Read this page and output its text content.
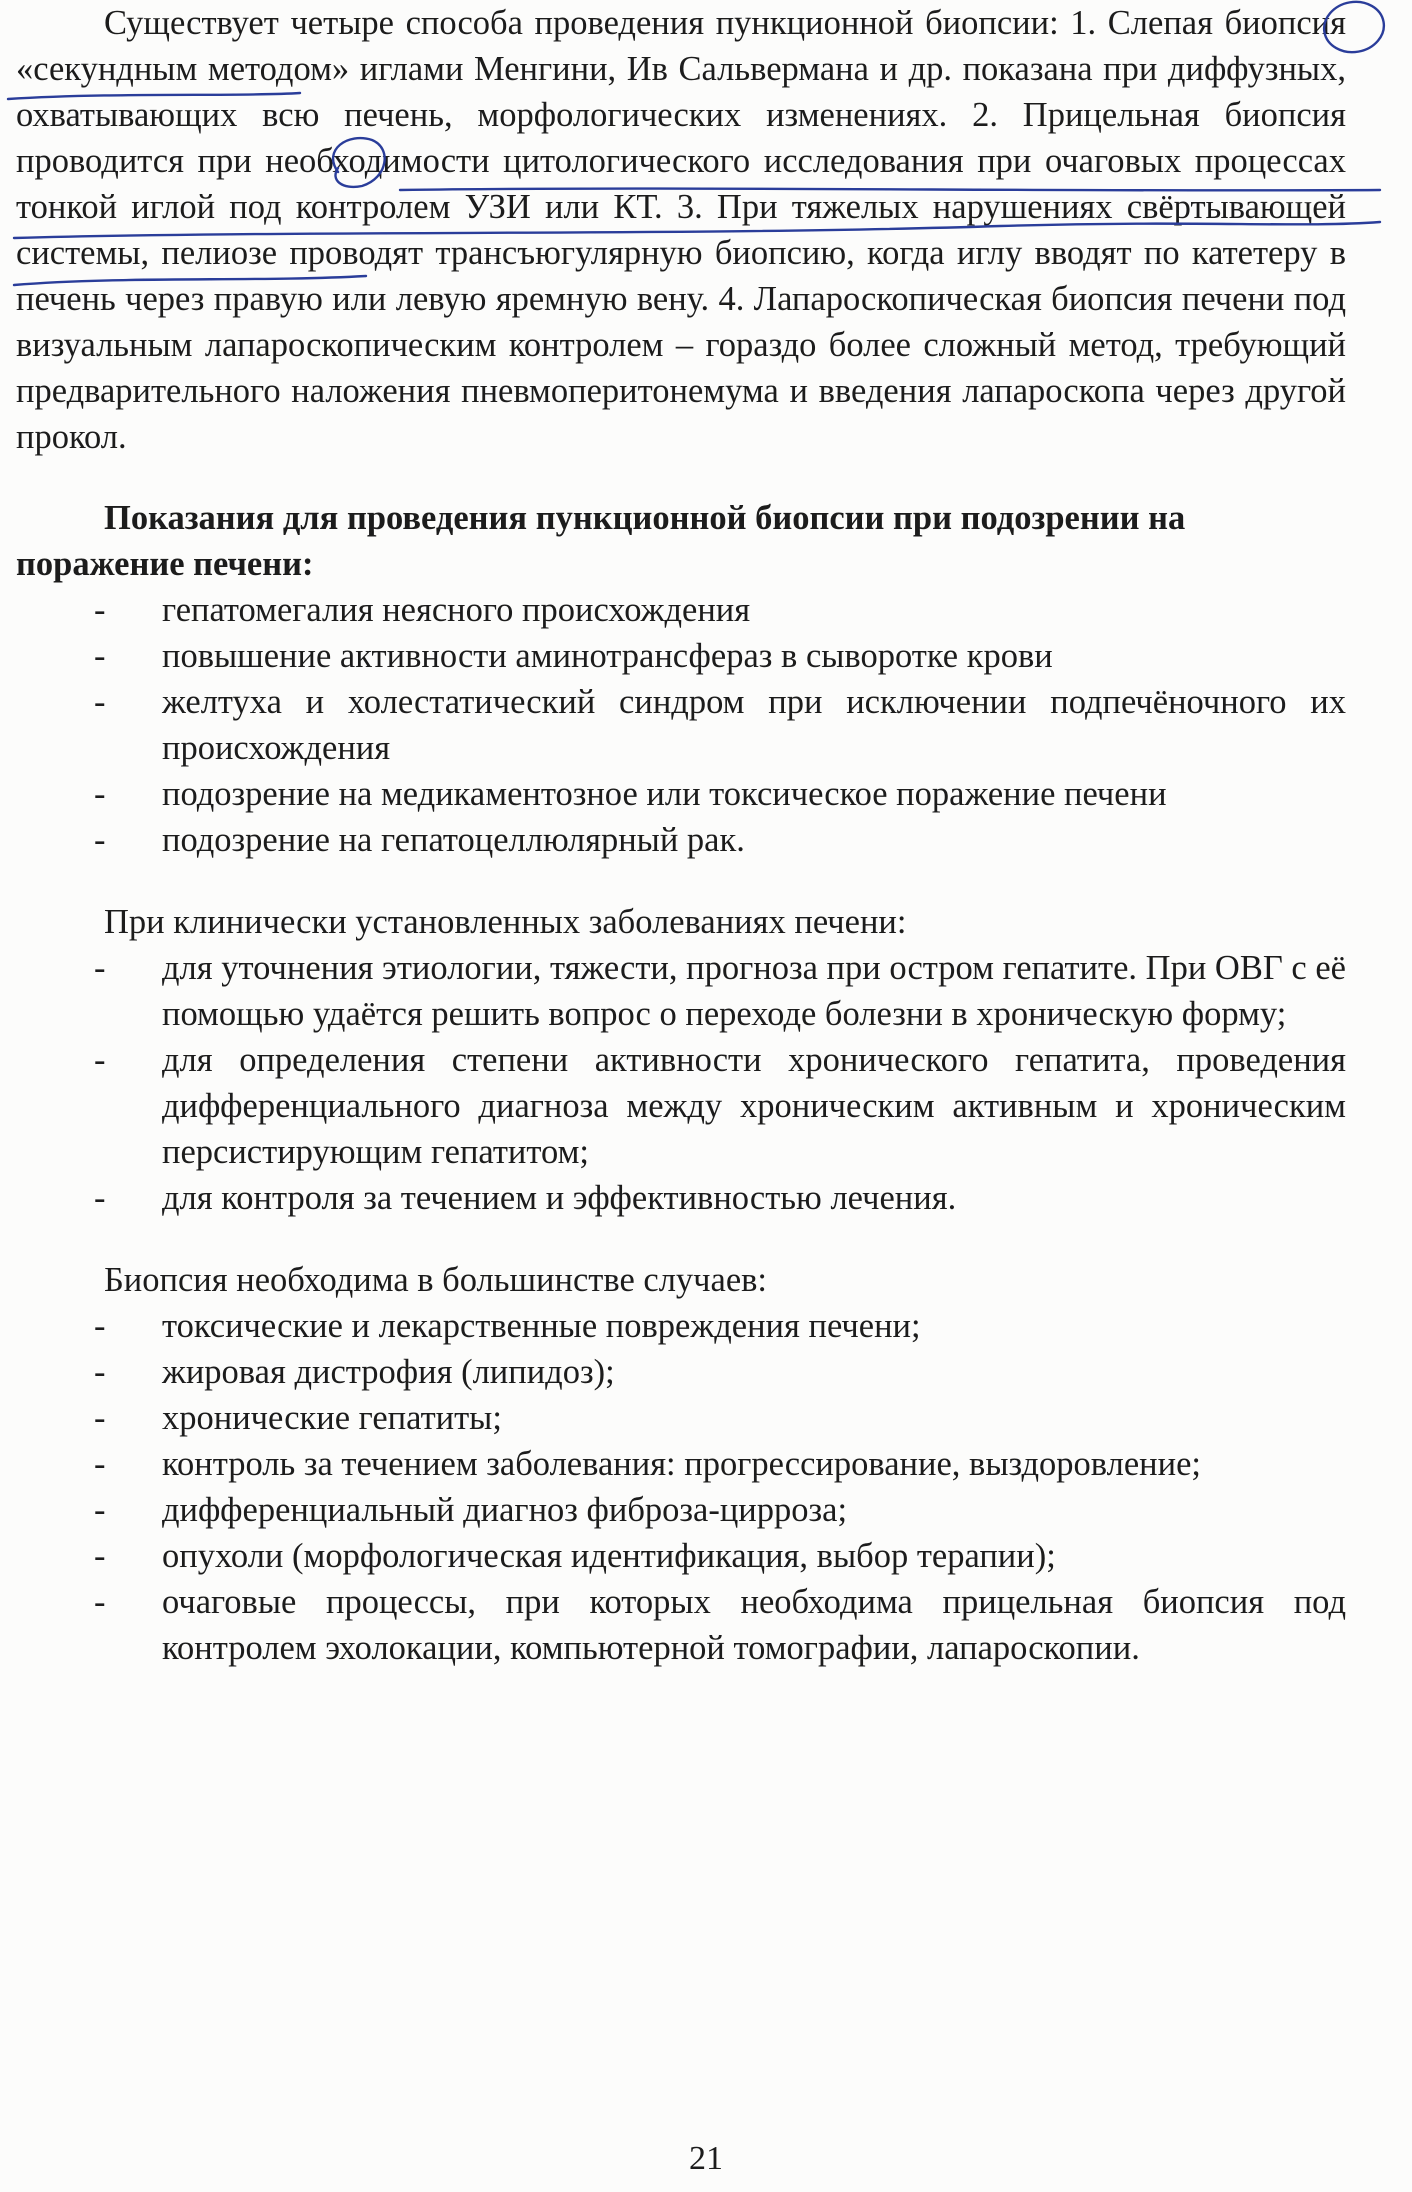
Существует четыре способа проведения пункционной биопсии: 1. Слепая биопсия «секундным методом» иглами Менгини, Ив Сальвермана и др. показана при диффузных, охватывающих всю печень, морфологических изменениях. 2. Прицельная биопсия проводится при необходимости цитологического исследования при очаговых процессах тонкой иглой под контролем УЗИ или КТ. 3. При тяжелых нарушениях свёртывающей системы, пелиозе проводят трансъюгулярную биопсию, когда иглу вводят по катетеру в печень через правую или левую яремную вену. 4. Лапароскопическая биопсия печени под визуальным лапароскопическим контролем – гораздо более сложный метод, требующий предварительного наложения пневмоперитонемума и введения лапароскопа через другой прокол.

Показания для проведения пункционной биопсии при подозрении на поражение печени:

- гепатомегалия неясного происхождения
- повышение активности аминотрансфераз в сыворотке крови
- желтуха и холестатический синдром при исключении подпечёночного их происхождения
- подозрение на медикаментозное или токсическое поражение печени
- подозрение на гепатоцеллюлярный рак.

При клинически установленных заболеваниях печени:

- для уточнения этиологии, тяжести, прогноза при остром гепатите. При ОВГ с её помощью удаётся решить вопрос о переходе болезни в хроническую форму;
- для определения степени активности хронического гепатита, проведения дифференциального диагноза между хроническим активным и хроническим персистирующим гепатитом;
- для контроля за течением и эффективностью лечения.

Биопсия необходима в большинстве случаев:

- токсические и лекарственные повреждения печени;
- жировая дистрофия (липидоз);
- хронические гепатиты;
- контроль за течением заболевания: прогрессирование, выздоровление;
- дифференциальный диагноз фиброза-цирроза;
- опухоли (морфологическая идентификация, выбор терапии);
- очаговые процессы, при которых необходима прицельная биопсия под контролем эхолокации, компьютерной томографии, лапароскопии.
21
